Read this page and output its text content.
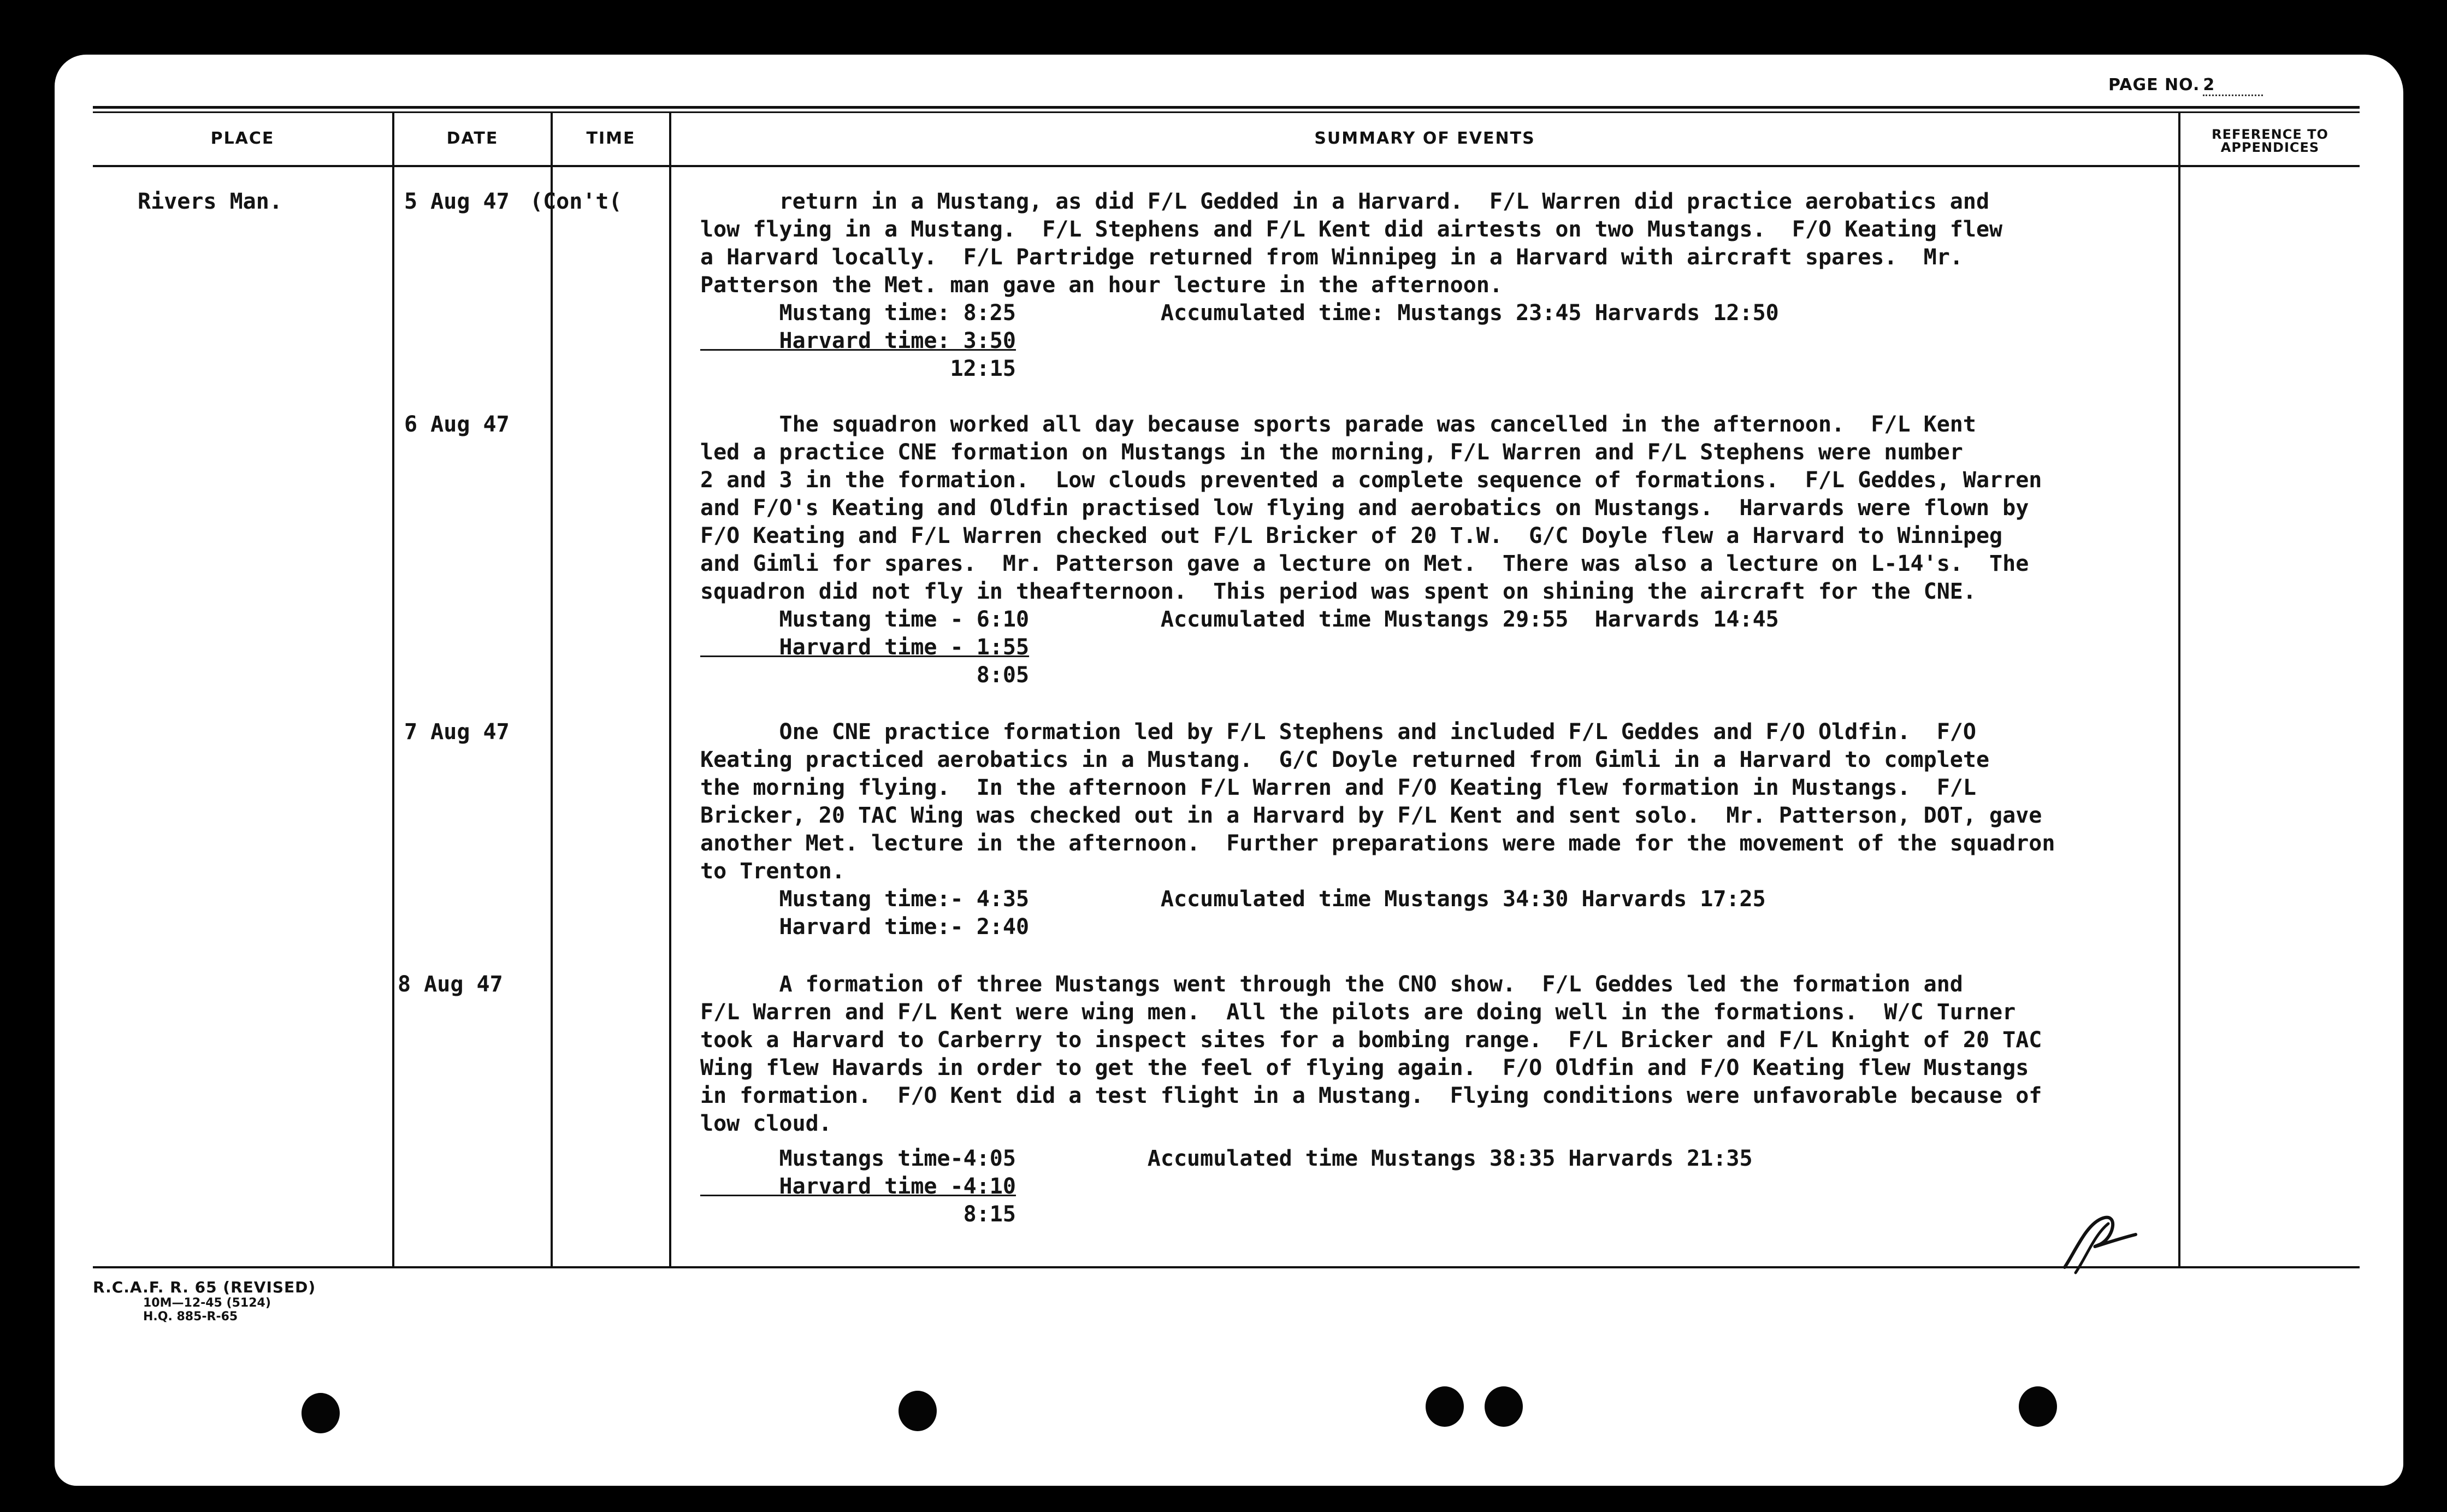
PAGE NO. 2
PLACE	DATE	TIME	SUMMARY OF EVENTS	REFERENCE TO
APPENDICES
Rivers Man.	5 Aug 47 (Con't(	return in a Mustang, as did F/L Gedded in a Harvard.  F/L Warren did practice aerobatics and
low flying in a Mustang.  F/L Stephens and F/L Kent did airtests on two Mustangs.  F/O Keating flew
a Harvard locally.  F/L Partridge returned from Winnipeg in a Harvard with aircraft spares.  Mr.
Patterson the Met. man gave an hour lecture in the afternoon.
Mustang time: 8:25           Accumulated time: Mustangs 23:45 Harvards 12:50
Harvard time: 3:50
12:15
6 Aug 47	The squadron worked all day because sports parade was cancelled in the afternoon.  F/L Kent
led a practice CNE formation on Mustangs in the morning, F/L Warren and F/L Stephens were number
2 and 3 in the formation.  Low clouds prevented a complete sequence of formations.  F/L Geddes, Warren
and F/O's Keating and Oldfin practised low flying and aerobatics on Mustangs.  Harvards were flown by
F/O Keating and F/L Warren checked out F/L Bricker of 20 T.W.  G/C Doyle flew a Harvard to Winnipeg
and Gimli for spares.  Mr. Patterson gave a lecture on Met.  There was also a lecture on L-14's.  The
squadron did not fly in theafternoon.  This period was spent on shining the aircraft for the CNE.
Mustang time - 6:10          Accumulated time Mustangs 29:55  Harvards 14:45
Harvard time - 1:55
8:05
7 Aug 47	One CNE practice formation led by F/L Stephens and included F/L Geddes and F/O Oldfin.  F/O
Keating practiced aerobatics in a Mustang.  G/C Doyle returned from Gimli in a Harvard to complete
the morning flying.  In the afternoon F/L Warren and F/O Keating flew formation in Mustangs.  F/L
Bricker, 20 TAC Wing was checked out in a Harvard by F/L Kent and sent solo.  Mr. Patterson, DOT, gave
another Met. lecture in the afternoon.  Further preparations were made for the movement of the squadron
to Trenton.
Mustang time:- 4:35          Accumulated time Mustangs 34:30 Harvards 17:25
Harvard time:- 2:40
8 Aug 47	A formation of three Mustangs went through the CNO show.  F/L Geddes led the formation and
F/L Warren and F/L Kent were wing men.  All the pilots are doing well in the formations.  W/C Turner
took a Harvard to Carberry to inspect sites for a bombing range.  F/L Bricker and F/L Knight of 20 TAC
Wing flew Havards in order to get the feel of flying again.  F/O Oldfin and F/O Keating flew Mustangs
in formation.  F/O Kent did a test flight in a Mustang.  Flying conditions were unfavorable because of
low cloud.
Mustangs time-4:05          Accumulated time Mustangs 38:35 Harvards 21:35
Harvard time -4:10
8:15
R.C.A.F. R. 65 (REVISED)
10M—12-45 (5124)
H.Q. 885-R-65
